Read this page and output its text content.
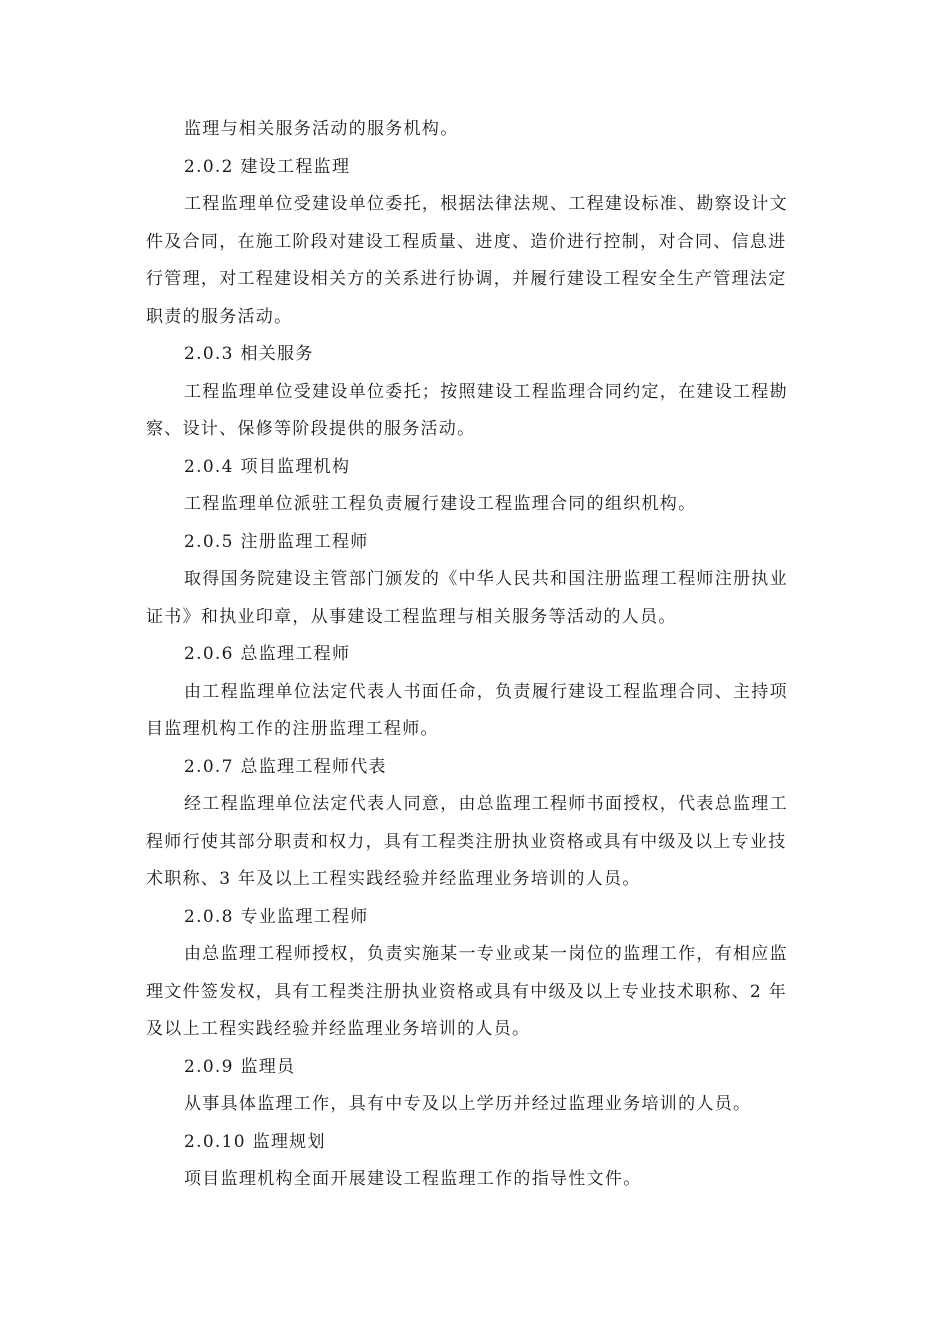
监理与相关服务活动的服务机构。
2.0.2 建设工程监理
工程监理单位受建设单位委托，根据法律法规、工程建设标准、勘察设计文
件及合同，在施工阶段对建设工程质量、进度、造价进行控制，对合同、信息进
行管理，对工程建设相关方的关系进行协调，并履行建设工程安全生产管理法定
职责的服务活动。
2.0.3 相关服务
工程监理单位受建设单位委托；按照建设工程监理合同约定，在建设工程勘
察、设计、保修等阶段提供的服务活动。
2.0.4 项目监理机构
工程监理单位派驻工程负责履行建设工程监理合同的组织机构。
2.0.5 注册监理工程师
取得国务院建设主管部门颁发的《中华人民共和国注册监理工程师注册执业
证书》和执业印章，从事建设工程监理与相关服务等活动的人员。
2.0.6 总监理工程师
由工程监理单位法定代表人书面任命，负责履行建设工程监理合同、主持项
目监理机构工作的注册监理工程师。
2.0.7 总监理工程师代表
经工程监理单位法定代表人同意，由总监理工程师书面授权，代表总监理工
程师行使其部分职责和权力，具有工程类注册执业资格或具有中级及以上专业技
术职称、3 年及以上工程实践经验并经监理业务培训的人员。
2.0.8 专业监理工程师
由总监理工程师授权，负责实施某一专业或某一岗位的监理工作，有相应监
理文件签发权，具有工程类注册执业资格或具有中级及以上专业技术职称、2 年
及以上工程实践经验并经监理业务培训的人员。
2.0.9 监理员
从事具体监理工作，具有中专及以上学历并经过监理业务培训的人员。
2.0.10 监理规划
项目监理机构全面开展建设工程监理工作的指导性文件。
